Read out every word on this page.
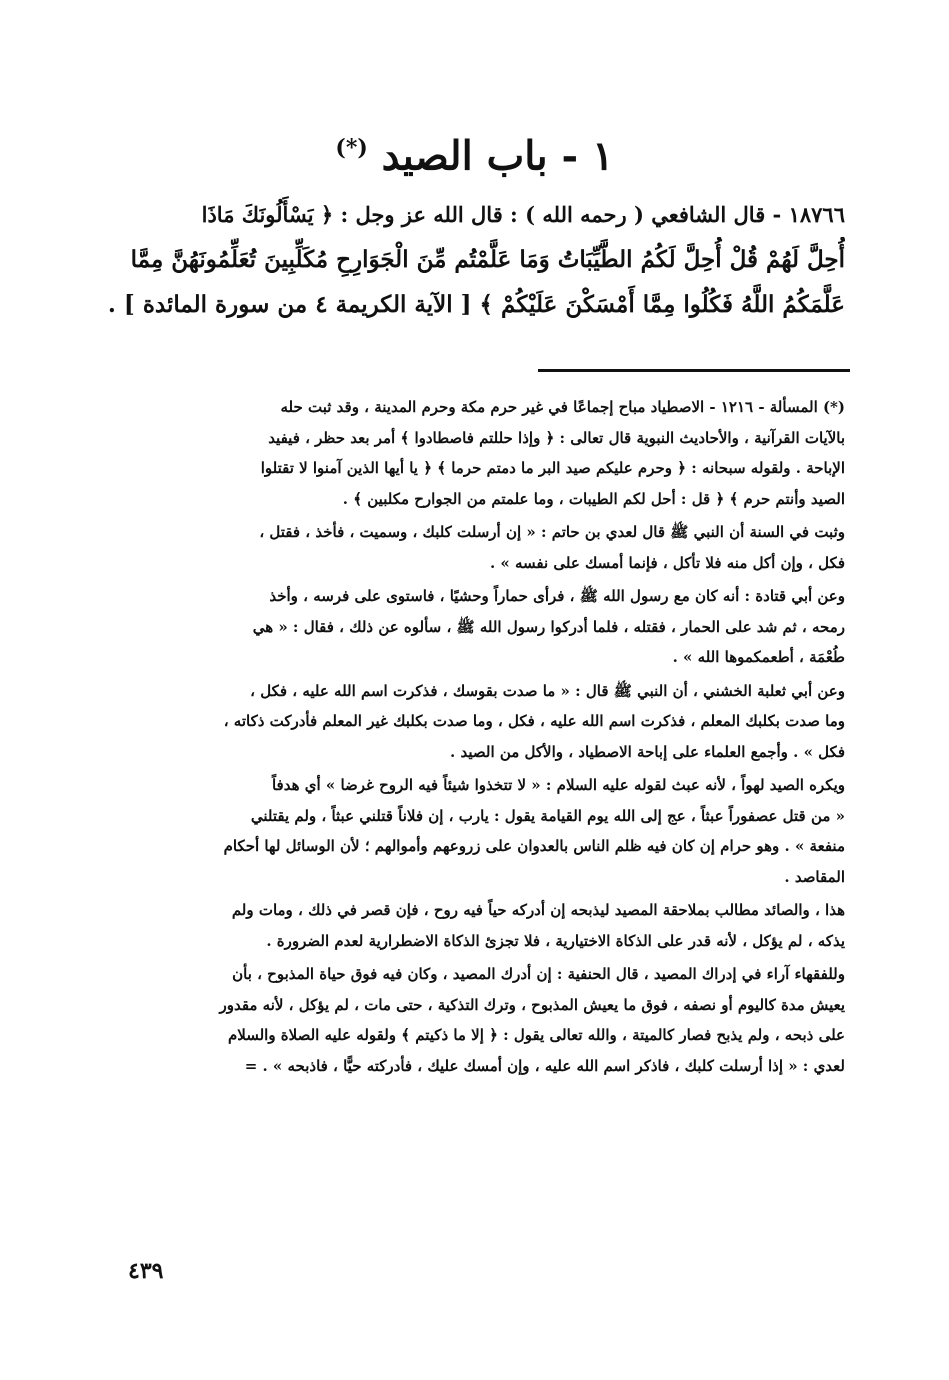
١ - باب الصيد (*)
١٨٧٦٦ - قال الشافعي ( رحمه الله ) : قال الله عز وجل : ﴿ يَسْأَلُونَكَ مَاذَا
أُحِلَّ لَهُمْ قُلْ أُحِلَّ لَكُمُ الطَّيِّبَاتُ وَمَا عَلَّمْتُم مِّنَ الْجَوَارِحِ مُكَلِّبِينَ تُعَلِّمُونَهُنَّ مِمَّا
عَلَّمَكُمُ اللَّهُ فَكُلُوا مِمَّا أَمْسَكْنَ عَلَيْكُمْ ﴾ [ الآية الكريمة ٤ من سورة المائدة ] .

(*) المسألة - ١٢١٦ - الاصطياد مباح إجماعًا في غير حرم مكة وحرم المدينة ، وقد ثبت حله
بالآيات القرآنية ، والأحاديث النبوية قال تعالى : ﴿ وإذا حللتم فاصطادوا ﴾ أمر بعد حظر ، فيفيد
الإباحة . ولقوله سبحانه : ﴿ وحرم عليكم صيد البر ما دمتم حرما ﴾ ﴿ يا أيها الذين آمنوا لا تقتلوا
الصيد وأنتم حرم ﴾ ﴿ قل : أحل لكم الطيبات ، وما علمتم من الجوارح مكلبين ﴾ .

وثبت في السنة أن النبي ﷺ قال لعدي بن حاتم : « إن أرسلت كلبك ، وسميت ، فأخذ ، فقتل ،
فكل ، وإن أكل منه فلا تأكل ، فإنما أمسك على نفسه » .

وعن أبي قتادة : أنه كان مع رسول الله ﷺ ، فرأى حماراً وحشيًا ، فاستوى على فرسه ، وأخذ
رمحه ، ثم شد على الحمار ، فقتله ، فلما أدركوا رسول الله ﷺ ، سألوه عن ذلك ، فقال : « هي
طُعْمَة ، أطعمكموها الله » .

وعن أبي ثعلبة الخشني ، أن النبي ﷺ قال : « ما صدت بقوسك ، فذكرت اسم الله عليه ، فكل ،
وما صدت بكلبك المعلم ، فذكرت اسم الله عليه ، فكل ، وما صدت بكلبك غير المعلم فأدركت ذكاته ،
فكل » . وأجمع العلماء على إباحة الاصطياد ، والأكل من الصيد .

ويكره الصيد لهواً ، لأنه عبث لقوله عليه السلام : « لا تتخذوا شيئاً فيه الروح غرضا » أي هدفاً
« من قتل عصفوراً عبثاً ، عج إلى الله يوم القيامة يقول : يارب ، إن فلاناً قتلني عبثاً ، ولم يقتلني
منفعة » . وهو حرام إن كان فيه ظلم الناس بالعدوان على زروعهم وأموالهم ؛ لأن الوسائل لها أحكام
المقاصد .

هذا ، والصائد مطالب بملاحقة المصيد ليذبحه إن أدركه حياً فيه روح ، فإن قصر في ذلك ، ومات ولم
يذكه ، لم يؤكل ، لأنه قدر على الذكاة الاختيارية ، فلا تجزئ الذكاة الاضطرارية لعدم الضرورة .

وللفقهاء آراء في إدراك المصيد ، قال الحنفية : إن أدرك المصيد ، وكان فيه فوق حياة المذبوح ، بأن
يعيش مدة كاليوم أو نصفه ، فوق ما يعيش المذبوح ، وترك التذكية ، حتى مات ، لم يؤكل ، لأنه مقدور
على ذبحه ، ولم يذبح فصار كالميتة ، والله تعالى يقول : ﴿ إلا ما ذكيتم ﴾ ولقوله عليه الصلاة والسلام
لعدي : « إذا أرسلت كلبك ، فاذكر اسم الله عليه ، وإن أمسك عليك ، فأدركته حيًّا ، فاذبحه » . =

٤٣٩
